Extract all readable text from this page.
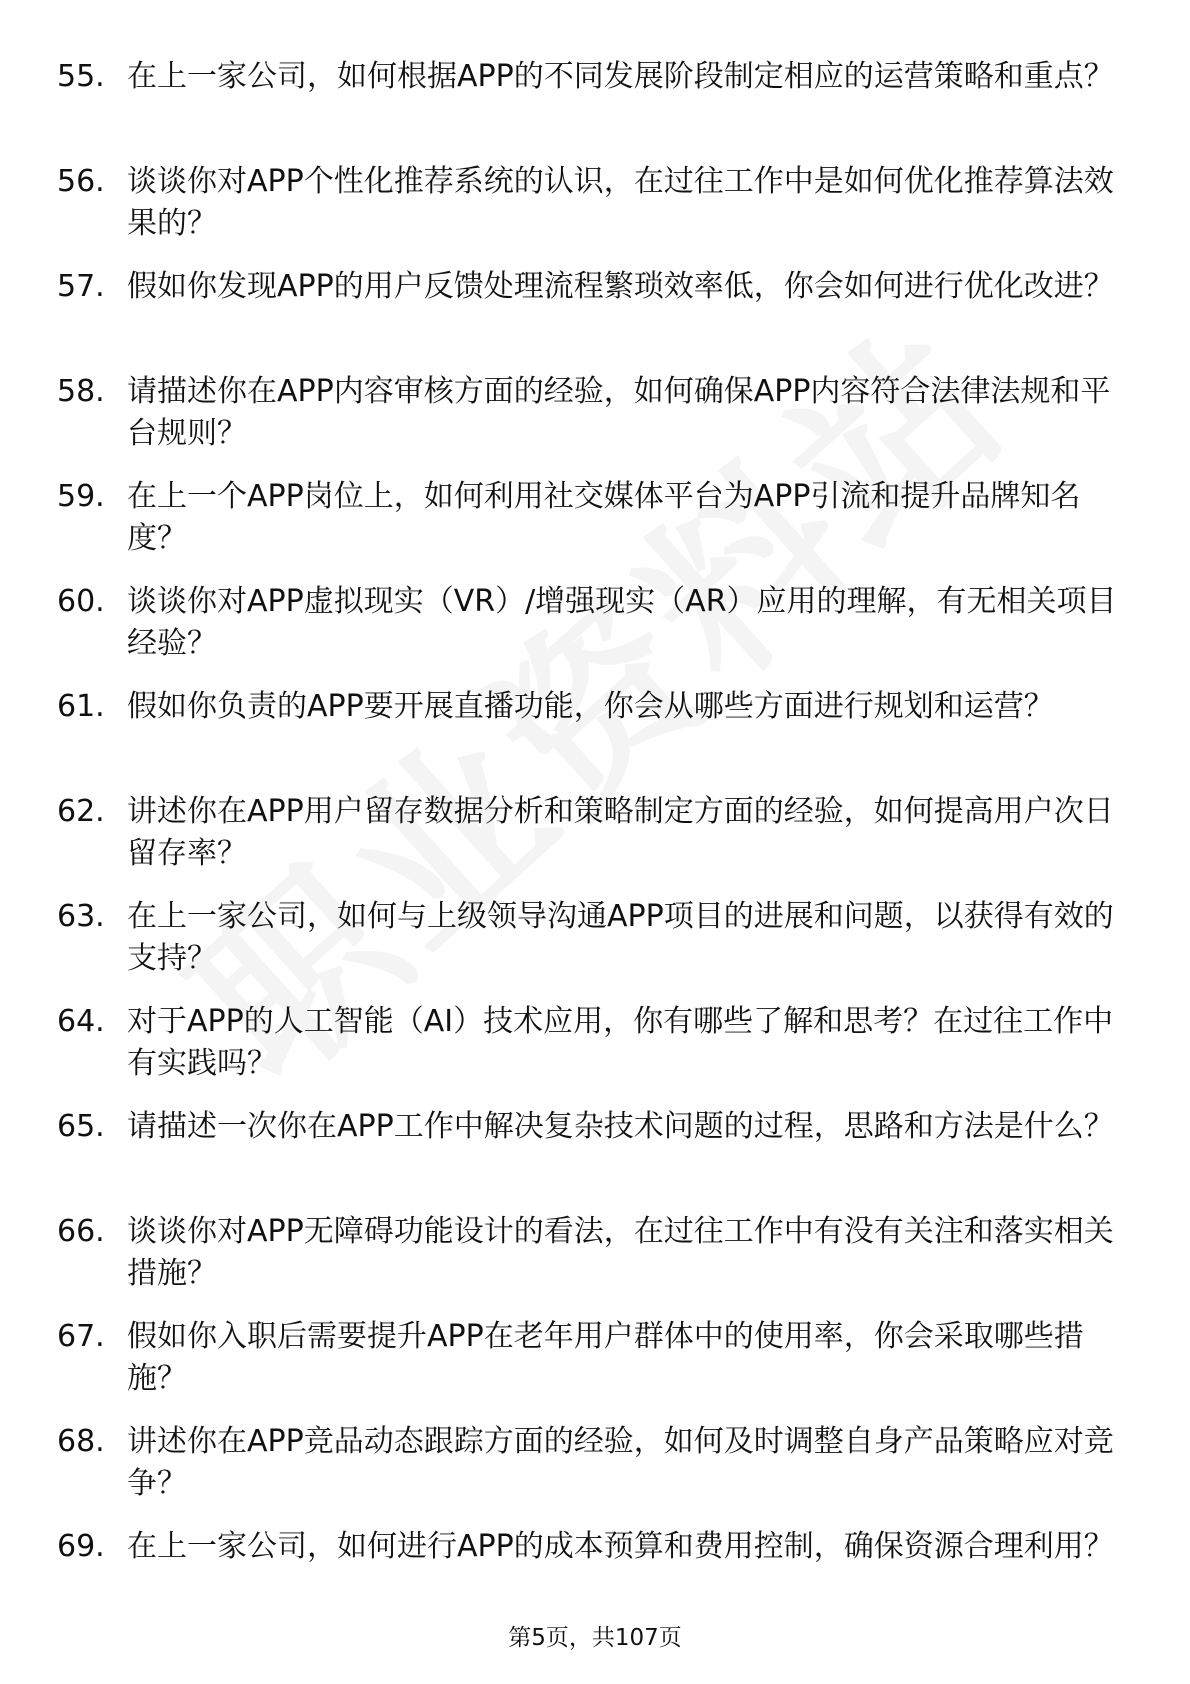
55. 在上一家公司，如何根据APP的不同发展阶段制定相应的运营策略和重点？
56. 谈谈你对APP个性化推荐系统的认识，在过往工作中是如何优化推荐算法效果的？
57. 假如你发现APP的用户反馈处理流程繁琐效率低，你会如何进行优化改进？
58. 请描述你在APP内容审核方面的经验，如何确保APP内容符合法律法规和平台规则？
59. 在上一个APP岗位上，如何利用社交媒体平台为APP引流和提升品牌知名度？
60. 谈谈你对APP虚拟现实（VR）/增强现实（AR）应用的理解，有无相关项目经验？
61. 假如你负责的APP要开展直播功能，你会从哪些方面进行规划和运营？
62. 讲述你在APP用户留存数据分析和策略制定方面的经验，如何提高用户次日留存率？
63. 在上一家公司，如何与上级领导沟通APP项目的进展和问题，以获得有效的支持？
64. 对于APP的人工智能（AI）技术应用，你有哪些了解和思考？在过往工作中有实践吗？
65. 请描述一次你在APP工作中解决复杂技术问题的过程，思路和方法是什么？
66. 谈谈你对APP无障碍功能设计的看法，在过往工作中有没有关注和落实相关措施？
67. 假如你入职后需要提升APP在老年用户群体中的使用率，你会采取哪些措施？
68. 讲述你在APP竞品动态跟踪方面的经验，如何及时调整自身产品策略应对竞争？
69. 在上一家公司，如何进行APP的成本预算和费用控制，确保资源合理利用？
第5页，共107页
